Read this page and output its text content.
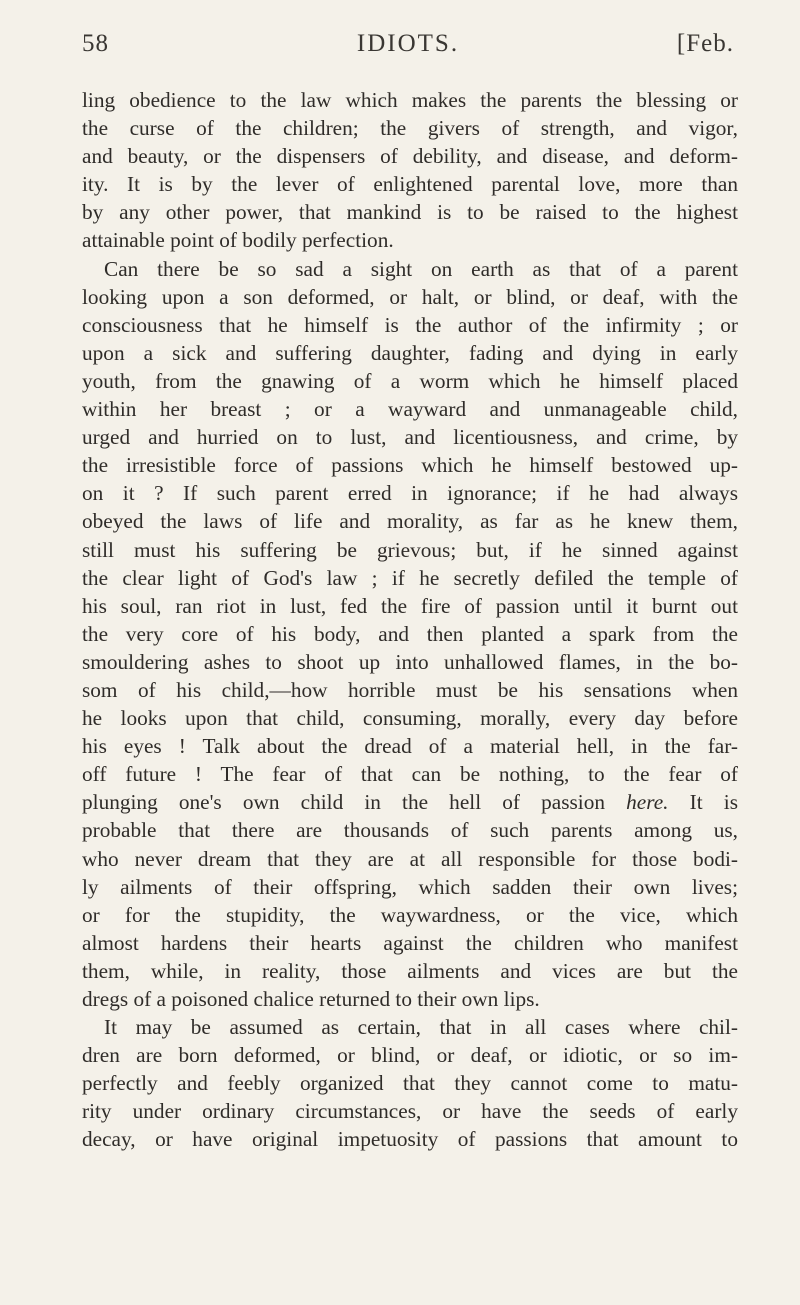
58	IDIOTS.	[Feb.
ling obedience to the law which makes the parents the blessing or
the curse of the children; the givers of strength, and vigor,
and beauty, or the dispensers of debility, and disease, and deform-
ity. It is by the lever of enlightened parental love, more than
by any other power, that mankind is to be raised to the highest
attainable point of bodily perfection.
Can there be so sad a sight on earth as that of a parent
looking upon a son deformed, or halt, or blind, or deaf, with the
consciousness that he himself is the author of the infirmity ; or
upon a sick and suffering daughter, fading and dying in early
youth, from the gnawing of a worm which he himself placed
within her breast ; or a wayward and unmanageable child,
urged and hurried on to lust, and licentiousness, and crime, by
the irresistible force of passions which he himself bestowed up-
on it ? If such parent erred in ignorance; if he had always
obeyed the laws of life and morality, as far as he knew them,
still must his suffering be grievous; but, if he sinned against
the clear light of God's law ; if he secretly defiled the temple of
his soul, ran riot in lust, fed the fire of passion until it burnt out
the very core of his body, and then planted a spark from the
smouldering ashes to shoot up into unhallowed flames, in the bo-
som of his child,—how horrible must be his sensations when
he looks upon that child, consuming, morally, every day before
his eyes ! Talk about the dread of a material hell, in the far-
off future ! The fear of that can be nothing, to the fear of
plunging one's own child in the hell of passion here. It is
probable that there are thousands of such parents among us,
who never dream that they are at all responsible for those bodi-
ly ailments of their offspring, which sadden their own lives;
or for the stupidity, the waywardness, or the vice, which
almost hardens their hearts against the children who manifest
them, while, in reality, those ailments and vices are but the
dregs of a poisoned chalice returned to their own lips.
It may be assumed as certain, that in all cases where chil-
dren are born deformed, or blind, or deaf, or idiotic, or so im-
perfectly and feebly organized that they cannot come to matu-
rity under ordinary circumstances, or have the seeds of early
decay, or have original impetuosity of passions that amount to
